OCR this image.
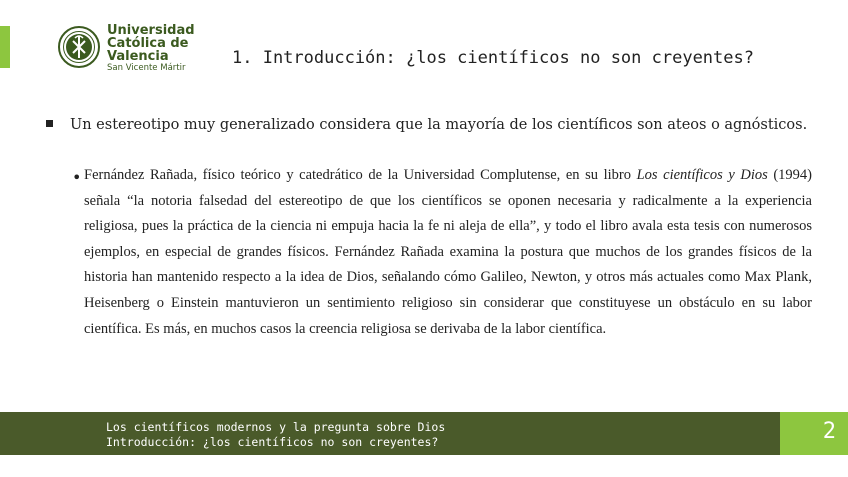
Universidad
Católica de
Valencia
San Vicente Mártir	1. Introducción: ¿los científicos no son creyentes?
Un estereotipo muy generalizado considera que la mayoría de los científicos son ateos o agnósticos.
• Fernández Rañada, físico teórico y catedrático de la Universidad Complutense, en su libro Los científicos y Dios (1994) señala “la notoria falsedad del estereotipo de que los científicos se oponen necesaria y radicalmente a la experiencia religiosa, pues la práctica de la ciencia ni empuja hacia la fe ni aleja de ella”, y todo el libro avala esta tesis con numerosos ejemplos, en especial de grandes físicos. Fernández Rañada examina la postura que muchos de los grandes físicos de la historia han mantenido respecto a la idea de Dios, señalando cómo Galileo, Newton, y otros más actuales como Max Plank, Heisenberg o Einstein mantuvieron un sentimiento religioso sin considerar que constituyese un obstáculo en su labor científica. Es más, en muchos casos la creencia religiosa se derivaba de la labor científica.

Los científicos modernos y la pregunta sobre Dios
Introducción: ¿los científicos no son creyentes?	2
